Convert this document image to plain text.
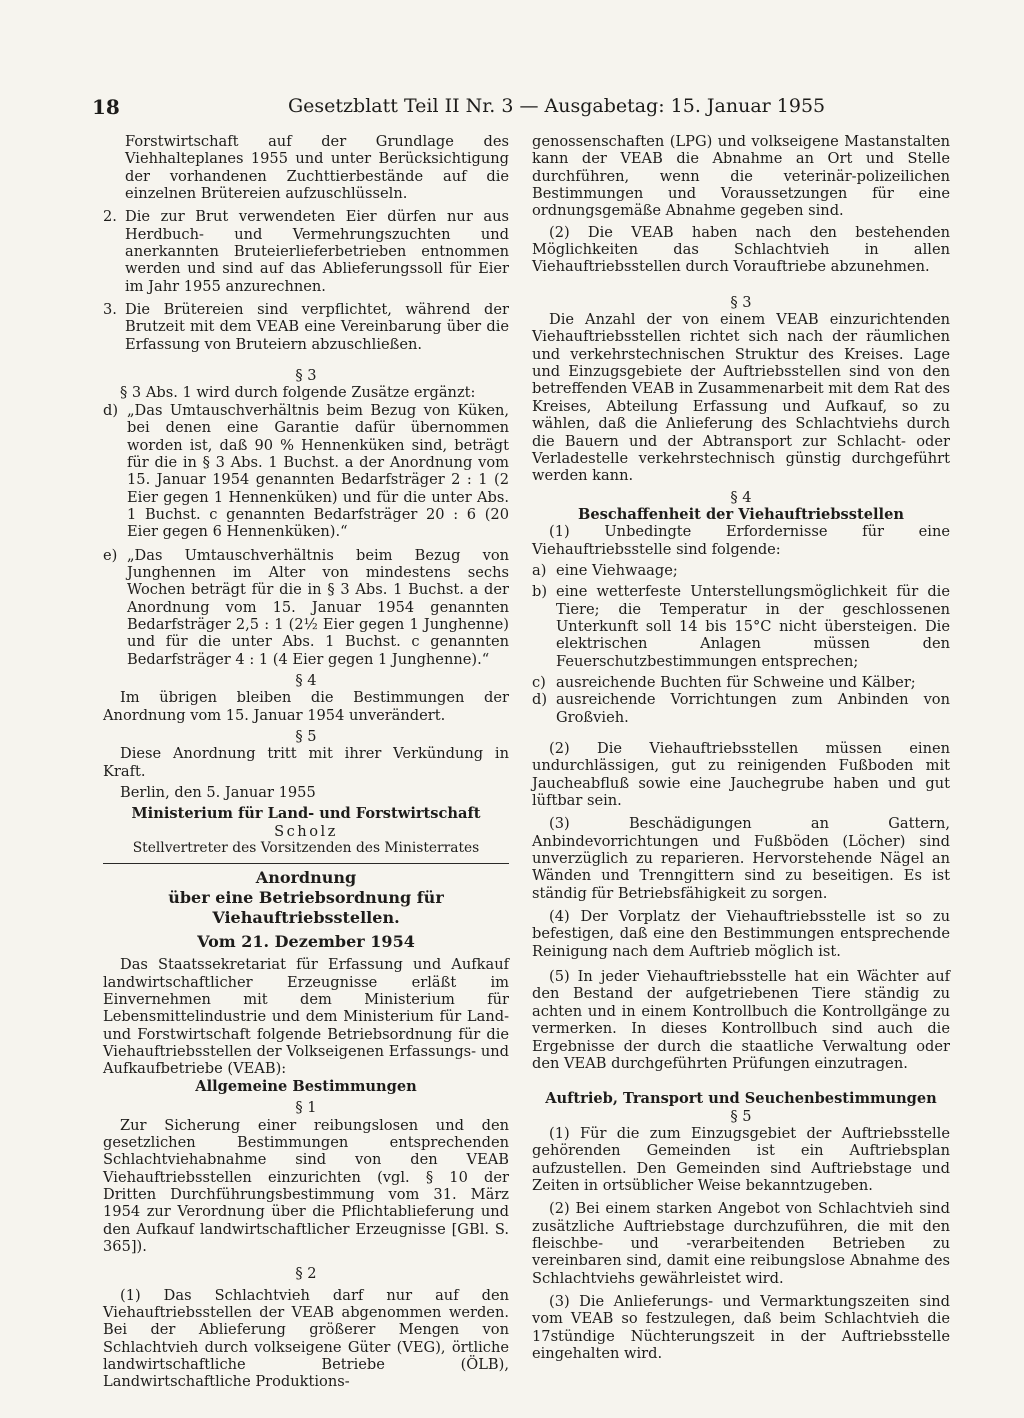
18	Gesetzblatt Teil II Nr. 3 — Ausgabetag: 15. Januar 1955

Forstwirtschaft auf der Grundlage des Viehhalteplanes 1955 und unter Berücksichtigung der vorhandenen Zuchttierbestände auf die einzelnen Brütereien aufzuschlüsseln.

2. Die zur Brut verwendeten Eier dürfen nur aus Herdbuch- und Vermehrungszuchten und anerkannten Bruteierlieferbetrieben entnommen werden und sind auf das Ablieferungssoll für Eier im Jahr 1955 anzurechnen.

3. Die Brütereien sind verpflichtet, während der Brutzeit mit dem VEAB eine Vereinbarung über die Erfassung von Bruteiern abzuschließen.

§ 3

§ 3 Abs. 1 wird durch folgende Zusätze ergänzt:

d) „Das Umtauschverhältnis beim Bezug von Küken, bei denen eine Garantie dafür übernommen worden ist, daß 90 % Hennenküken sind, beträgt für die in § 3 Abs. 1 Buchst. a der Anordnung vom 15. Januar 1954 genannten Bedarfsträger 2 : 1 (2 Eier gegen 1 Hennenküken) und für die unter Abs. 1 Buchst. c genannten Bedarfsträger 20 : 6 (20 Eier gegen 6 Hennenküken).“

e) „Das Umtauschverhältnis beim Bezug von Junghennen im Alter von mindestens sechs Wochen beträgt für die in § 3 Abs. 1 Buchst. a der Anordnung vom 15. Januar 1954 genannten Bedarfsträger 2,5 : 1 (2½ Eier gegen 1 Junghenne) und für die unter Abs. 1 Buchst. c genannten Bedarfsträger 4 : 1 (4 Eier gegen 1 Junghenne).“

§ 4

Im übrigen bleiben die Bestimmungen der Anordnung vom 15. Januar 1954 unverändert.

§ 5

Diese Anordnung tritt mit ihrer Verkündung in Kraft.

Berlin, den 5. Januar 1955

Ministerium für Land- und Forstwirtschaft

Scholz

Stellvertreter des Vorsitzenden des Ministerrates

Anordnung

über eine Betriebsordnung für Viehauftriebsstellen.

Vom 21. Dezember 1954

Das Staatssekretariat für Erfassung und Aufkauf landwirtschaftlicher Erzeugnisse erläßt im Einvernehmen mit dem Ministerium für Lebensmittelindustrie und dem Ministerium für Land- und Forstwirtschaft folgende Betriebsordnung für die Viehauftriebsstellen der Volkseigenen Erfassungs- und Aufkaufbetriebe (VEAB):

Allgemeine Bestimmungen

§ 1

Zur Sicherung einer reibungslosen und den gesetzlichen Bestimmungen entsprechenden Schlachtviehabnahme sind von den VEAB Viehauftriebsstellen einzurichten (vgl. § 10 der Dritten Durchführungsbestimmung vom 31. März 1954 zur Verordnung über die Pflichtablieferung und den Aufkauf landwirtschaftlicher Erzeugnisse [GBl. S. 365]).

§ 2

(1) Das Schlachtvieh darf nur auf den Viehauftriebsstellen der VEAB abgenommen werden. Bei der Ablieferung größerer Mengen von Schlachtvieh durch volkseigene Güter (VEG), örtliche landwirtschaftliche Betriebe (ÖLB), Landwirtschaftliche Produktions-

genossenschaften (LPG) und volkseigene Mastanstalten kann der VEAB die Abnahme an Ort und Stelle durchführen, wenn die veterinär-polizeilichen Bestimmungen und Voraussetzungen für eine ordnungsgemäße Abnahme gegeben sind.

(2) Die VEAB haben nach den bestehenden Möglichkeiten das Schlachtvieh in allen Viehauftriebsstellen durch Vorauftriebe abzunehmen.

§ 3

Die Anzahl der von einem VEAB einzurichtenden Viehauftriebsstellen richtet sich nach der räumlichen und verkehrstechnischen Struktur des Kreises. Lage und Einzugsgebiete der Auftriebsstellen sind von den betreffenden VEAB in Zusammenarbeit mit dem Rat des Kreises, Abteilung Erfassung und Aufkauf, so zu wählen, daß die Anlieferung des Schlachtviehs durch die Bauern und der Abtransport zur Schlacht- oder Verladestelle verkehrstechnisch günstig durchgeführt werden kann.

§ 4

Beschaffenheit der Viehauftriebsstellen

(1) Unbedingte Erfordernisse für eine Viehauftriebsstelle sind folgende:

a) eine Viehwaage;

b) eine wetterfeste Unterstellungsmöglichkeit für die Tiere; die Temperatur in der geschlossenen Unterkunft soll 14 bis 15°C nicht übersteigen. Die elektrischen Anlagen müssen den Feuerschutzbestimmungen entsprechen;

c) ausreichende Buchten für Schweine und Kälber;

d) ausreichende Vorrichtungen zum Anbinden von Großvieh.

(2) Die Viehauftriebsstellen müssen einen undurchlässigen, gut zu reinigenden Fußboden mit Jaucheabfluß sowie eine Jauchegrube haben und gut lüftbar sein.

(3) Beschädigungen an Gattern, Anbindevorrichtungen und Fußböden (Löcher) sind unverzüglich zu reparieren. Hervorstehende Nägel an Wänden und Trenngittern sind zu beseitigen. Es ist ständig für Betriebsfähigkeit zu sorgen.

(4) Der Vorplatz der Viehauftriebsstelle ist so zu befestigen, daß eine den Bestimmungen entsprechende Reinigung nach dem Auftrieb möglich ist.

(5) In jeder Viehauftriebsstelle hat ein Wächter auf den Bestand der aufgetriebenen Tiere ständig zu achten und in einem Kontrollbuch die Kontrollgänge zu vermerken. In dieses Kontrollbuch sind auch die Ergebnisse der durch die staatliche Verwaltung oder den VEAB durchgeführten Prüfungen einzutragen.

Auftrieb, Transport und Seuchenbestimmungen

§ 5

(1) Für die zum Einzugsgebiet der Auftriebsstelle gehörenden Gemeinden ist ein Auftriebsplan aufzustellen. Den Gemeinden sind Auftriebstage und Zeiten in ortsüblicher Weise bekanntzugeben.

(2) Bei einem starken Angebot von Schlachtvieh sind zusätzliche Auftriebstage durchzuführen, die mit den fleischbe- und -verarbeitenden Betrieben zu vereinbaren sind, damit eine reibungslose Abnahme des Schlachtviehs gewährleistet wird.

(3) Die Anlieferungs- und Vermarktungszeiten sind vom VEAB so festzulegen, daß beim Schlachtvieh die 17stündige Nüchterungszeit in der Auftriebsstelle eingehalten wird.
